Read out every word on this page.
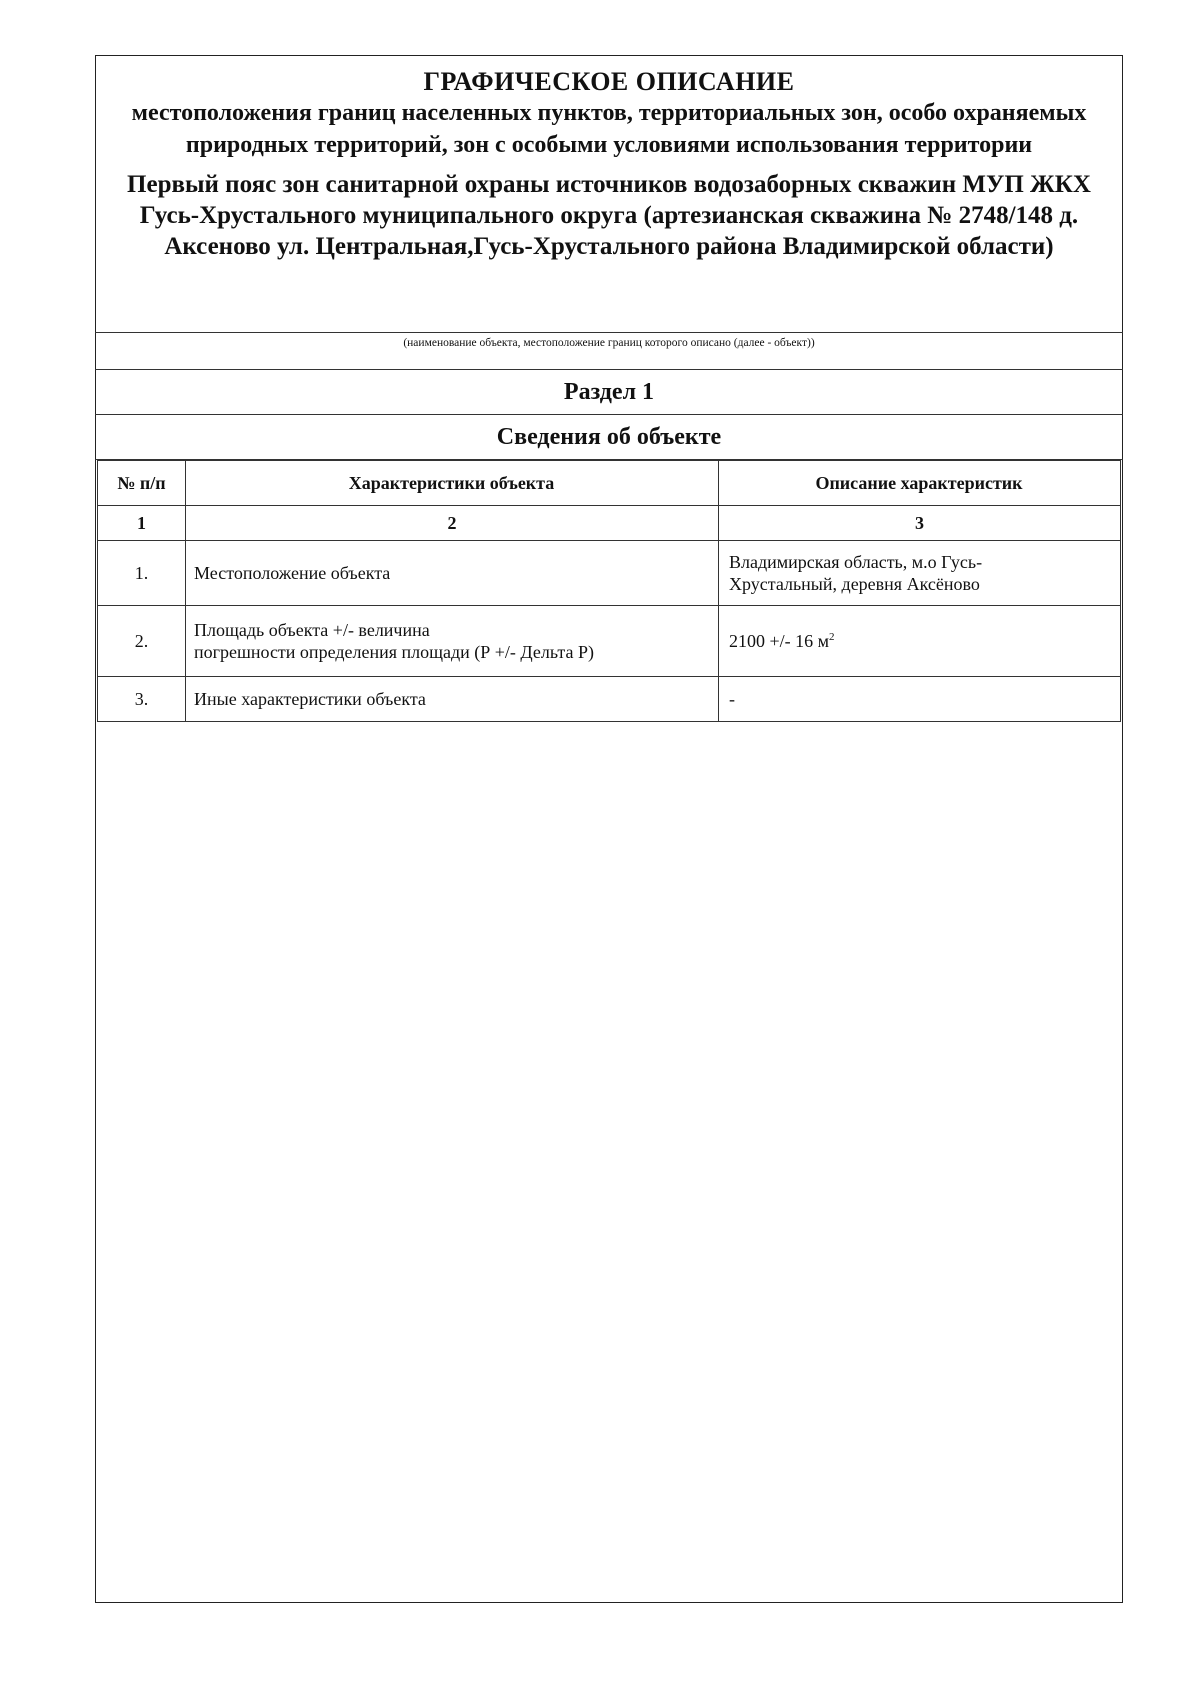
ГРАФИЧЕСКОЕ ОПИСАНИЕ
местоположения границ населенных пунктов, территориальных зон, особо охраняемых природных территорий, зон с особыми условиями использования территории
Первый пояс зон санитарной охраны источников водозаборных скважин МУП ЖКХ Гусь-Хрустального муниципального округа (артезианская скважина № 2748/148 д. Аксеново ул. Центральная,Гусь-Хрустального района Владимирской области)
(наименование объекта, местоположение границ которого описано (далее - объект))
Раздел 1
Сведения об объекте
№ п/п	Характеристики объекта	Описание характеристик
1	2	3
1.	Местоположение объекта	Владимирская область, м.о Гусь-
Хрустальный, деревня Аксёново

2.	Площадь объекта +/- величина
погрешности определения площади (Р +/- Дельта Р)	2100 +/- 16 $м^2$
3.	Иные характеристики объекта	-
